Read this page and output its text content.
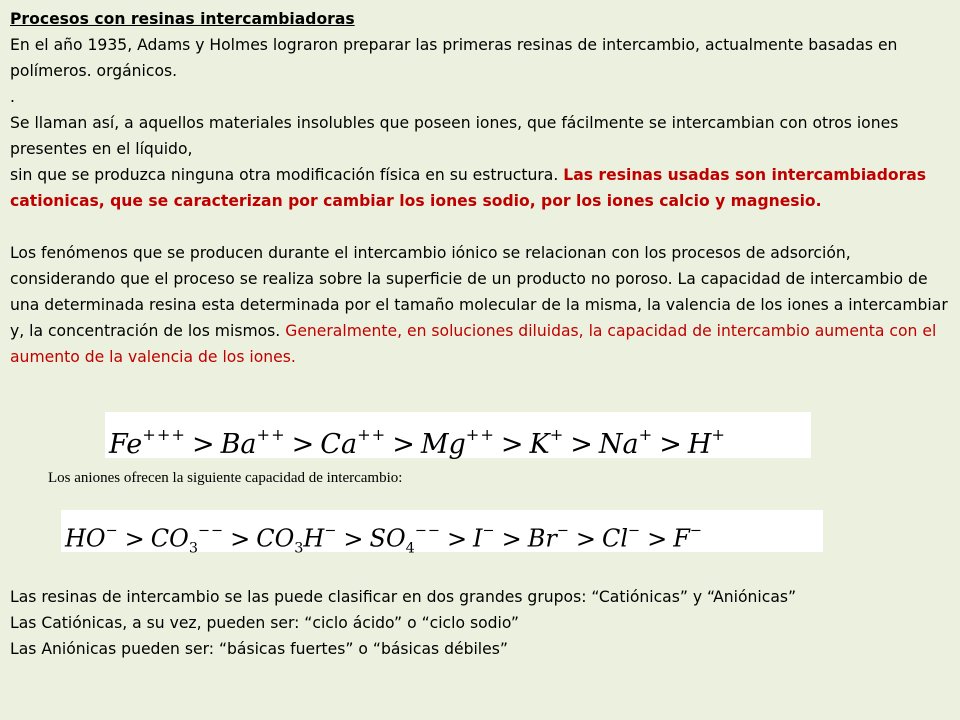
Procesos con resinas intercambiadoras

En el año 1935, Adams y Holmes lograron preparar las primeras resinas de intercambio, actualmente basadas en polímeros. orgánicos.

.

Se llaman así, a aquellos materiales insolubles que poseen iones, que fácilmente se intercambian con otros iones presentes en el líquido,
sin que se produzca ninguna otra modificación física en su estructura. Las resinas usadas son intercambiadoras cationicas, que se caracterizan por cambiar los iones sodio, por los iones calcio y magnesio.

Los fenómenos que se producen durante el intercambio iónico se relacionan con los procesos de adsorción, considerando que el proceso se realiza sobre la superficie de un producto no poroso. La capacidad de intercambio de una determinada resina esta determinada por el tamaño molecular de la misma, la valencia de los iones a intercambiar y, la concentración de los mismos. Generalmente, en soluciones diluidas, la capacidad de intercambio aumenta con el aumento de la valencia de los iones.

Fe+++ > Ba++ > Ca++ > Mg++ > K+ > Na+ > H+
Los aniones ofrecen la siguiente capacidad de intercambio:
$HO^- > CO_3^{--} > CO_3H^- > SO_4^{--} > I^- > Br^- > Cl^- > F^-$

Las resinas de intercambio se las puede clasificar en dos grandes grupos: “Catiónicas” y “Aniónicas”

Las Catiónicas, a su vez, pueden ser: “ciclo ácido” o “ciclo sodio”

Las Aniónicas pueden ser: “básicas fuertes” o “básicas débiles”
